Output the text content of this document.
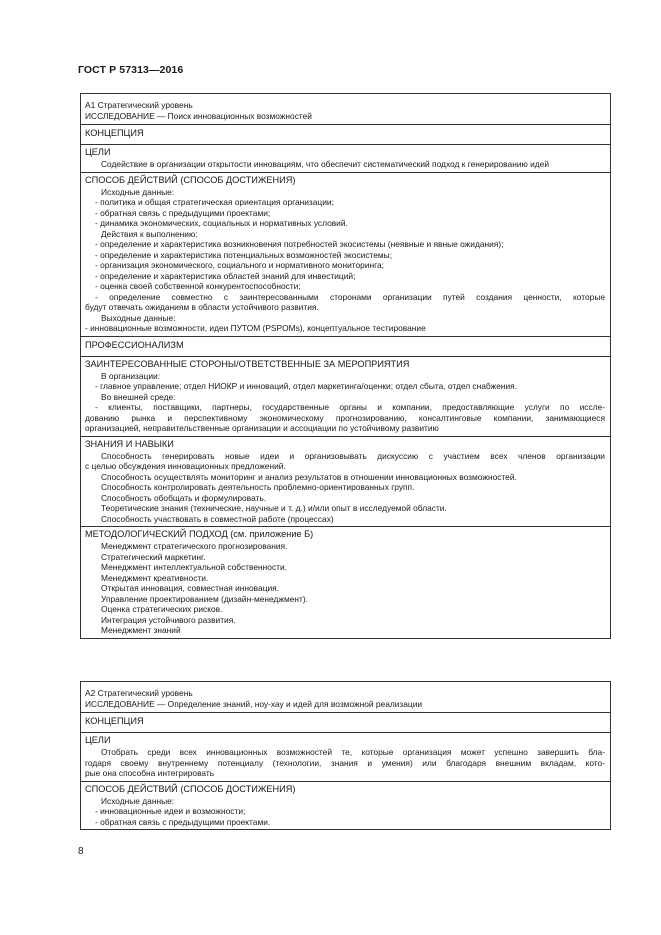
ГОСТ Р 57313—2016
А1 Стратегический уровень
ИССЛЕДОВАНИЕ — Поиск инновационных возможностей
КОНЦЕПЦИЯ
ЦЕЛИ
Содействие в организации открытости инновациям, что обеспечит систематический подход к генерированию идей
СПОСОБ ДЕЙСТВИЙ (СПОСОБ ДОСТИЖЕНИЯ)
Исходные данные:
- политика и общая стратегическая ориентация организации;
- обратная связь с предыдущими проектами;
- динамика экономических, социальных и нормативных условий.
Действия к выполнению:
- определение и характеристика возникновения потребностей экосистемы (неявные и явные ожидания);
- определение и характеристика потенциальных возможностей экосистемы;
- организация экономического, социального и нормативного мониторинга;
- определение и характеристика областей знаний для инвестиций;
- оценка своей собственной конкурентоспособности;
- определение совместно с заинтересованными сторонами организации путей создания ценности, которые
будут отвечать ожиданиям в области устойчивого развития.
Выходные данные:
- инновационные возможности, идеи ПУТОМ (PSPOMs), концептуальное тестирование
ПРОФЕССИОНАЛИЗМ
ЗАИНТЕРЕСОВАННЫЕ СТОРОНЫ/ОТВЕТСТВЕННЫЕ ЗА МЕРОПРИЯТИЯ
В организации:
- главное управление; отдел НИОКР и инноваций, отдел маркетинга/оценки; отдел сбыта, отдел снабжения.
Во внешней среде:
- клиенты, поставщики, партнеры, государственные органы и компании, предоставляющие услуги по иссле-
дованию рынка и перспективному экономическому прогнозированию, консалтинговые компании, занимающиеся
организацией, неправительственные организации и ассоциации по устойчивому развитию
ЗНАНИЯ И НАВЫКИ
Способность генерировать новые идеи и организовывать дискуссию с участием всех членов организации
с целью обсуждения инновационных предложений.
Способность осуществлять мониторинг и анализ результатов в отношении инновационных возможностей.
Способность контролировать деятельность проблемно-ориентированных групп.
Способность обобщать и формулировать.
Теоретические знания (технические, научные и т. д.) и/или опыт в исследуемой области.
Способность участвовать в совместной работе (процессах)
МЕТОДОЛОГИЧЕСКИЙ ПОДХОД (см. приложение Б)
Менеджмент стратегического прогнозирования.
Стратегический маркетинг.
Менеджмент интеллектуальной собственности.
Менеджмент креативности.
Открытая инновация, совместная инновация.
Управление проектированием (дизайн-менеджмент).
Оценка стратегических рисков.
Интеграция устойчивого развития.
Менеджмент знаний
А2 Стратегический уровень
ИССЛЕДОВАНИЕ — Определение знаний, ноу-хау и идей для возможной реализации
КОНЦЕПЦИЯ
ЦЕЛИ
Отобрать среди всех инновационных возможностей те, которые организация может успешно завершить бла-
годаря своему внутреннему потенциалу (технологии, знания и умения) или благодаря внешним вкладам, кото-
рые она способна интегрировать
СПОСОБ ДЕЙСТВИЙ (СПОСОБ ДОСТИЖЕНИЯ)
Исходные данные:
- инновационные идеи и возможности;
- обратная связь с предыдущими проектами.
8
